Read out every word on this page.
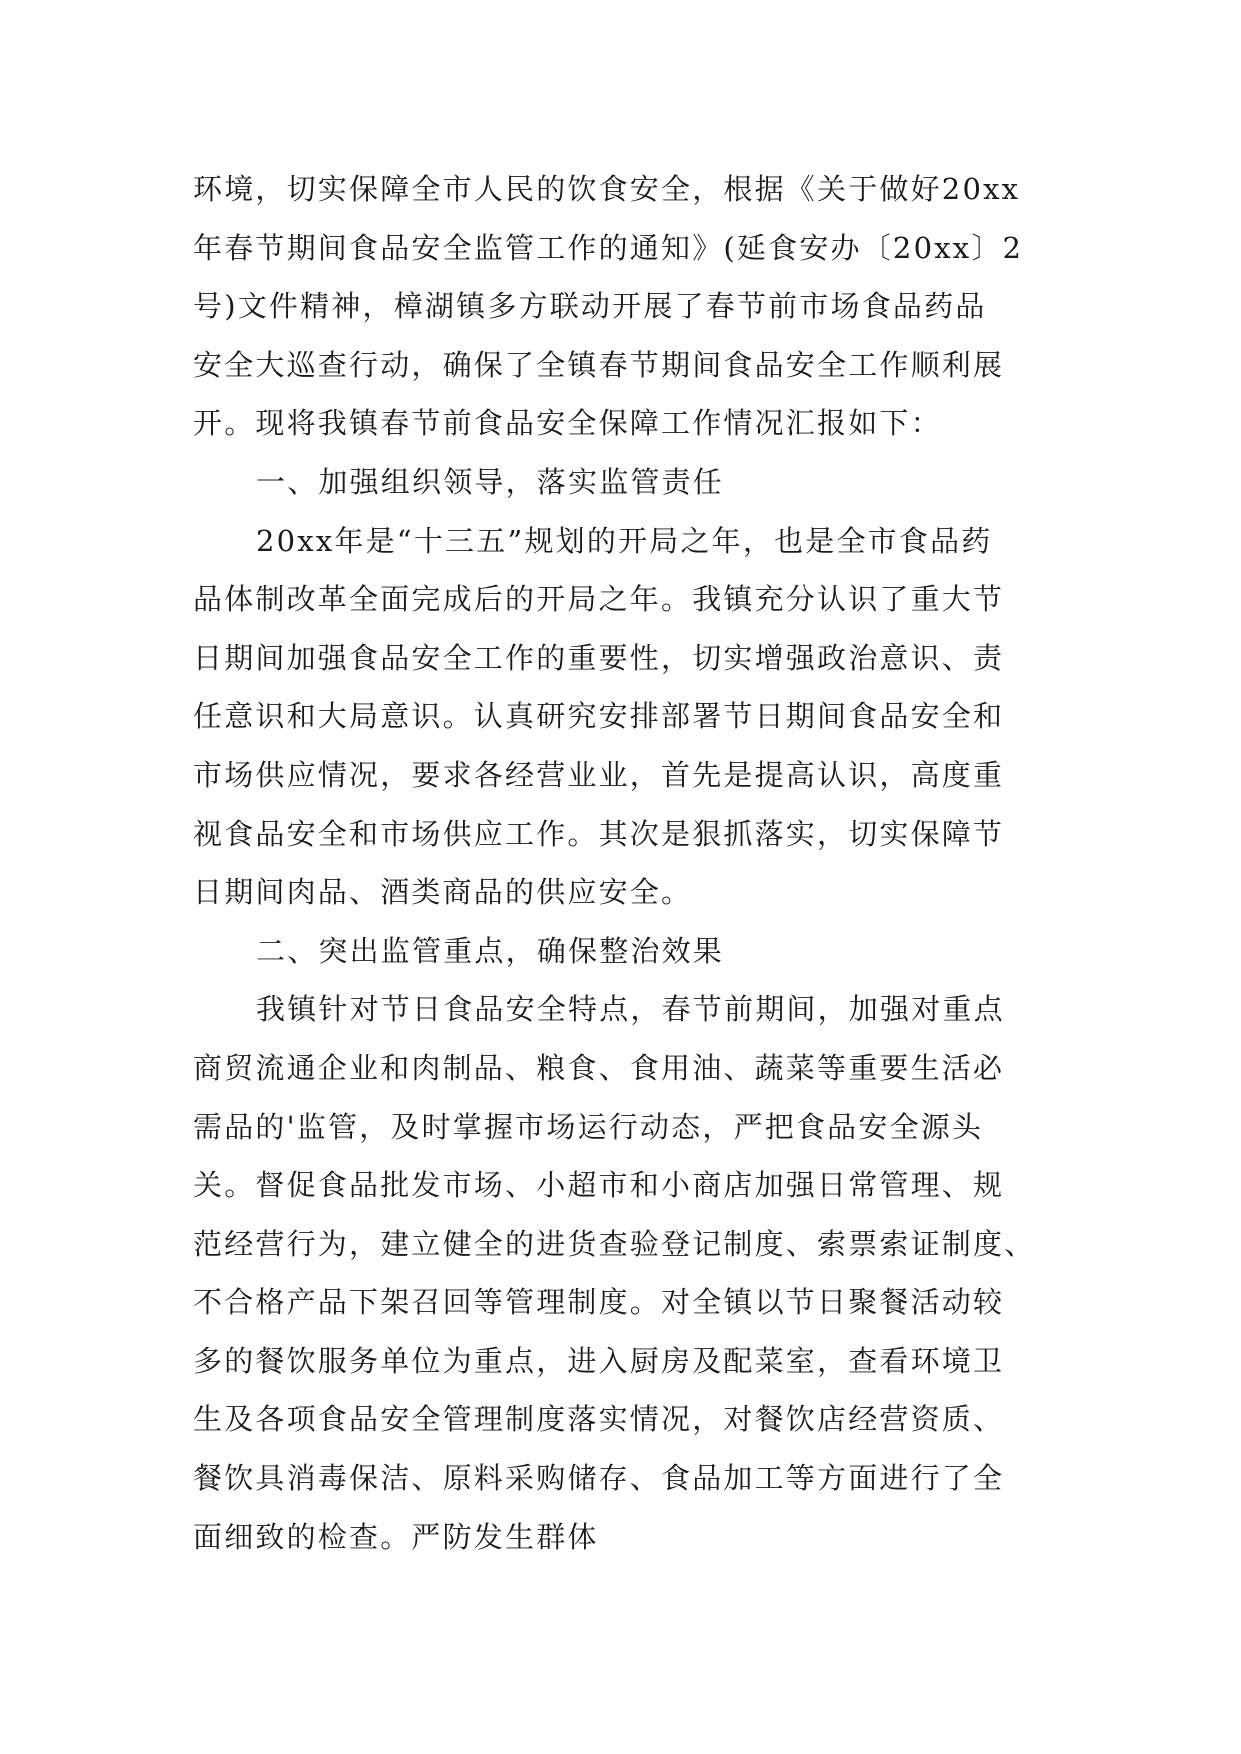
环境，切实保障全市人民的饮食安全，根据《关于做好20xx
年春节期间食品安全监管工作的通知》(延食安办〔20xx〕2
号)文件精神，樟湖镇多方联动开展了春节前市场食品药品
安全大巡查行动，确保了全镇春节期间食品安全工作顺利展
开。现将我镇春节前食品安全保障工作情况汇报如下：
一、加强组织领导，落实监管责任
20xx年是“十三五”规划的开局之年，也是全市食品药
品体制改革全面完成后的开局之年。我镇充分认识了重大节
日期间加强食品安全工作的重要性，切实增强政治意识、责
任意识和大局意识。认真研究安排部署节日期间食品安全和
市场供应情况，要求各经营业业，首先是提高认识，高度重
视食品安全和市场供应工作。其次是狠抓落实，切实保障节
日期间肉品、酒类商品的供应安全。
二、突出监管重点，确保整治效果
我镇针对节日食品安全特点，春节前期间，加强对重点
商贸流通企业和肉制品、粮食、食用油、蔬菜等重要生活必
需品的'监管，及时掌握市场运行动态，严把食品安全源头
关。督促食品批发市场、小超市和小商店加强日常管理、规
范经营行为，建立健全的进货查验登记制度、索票索证制度、
不合格产品下架召回等管理制度。对全镇以节日聚餐活动较
多的餐饮服务单位为重点，进入厨房及配菜室，查看环境卫
生及各项食品安全管理制度落实情况，对餐饮店经营资质、
餐饮具消毒保洁、原料采购储存、食品加工等方面进行了全
面细致的检查。严防发生群体
